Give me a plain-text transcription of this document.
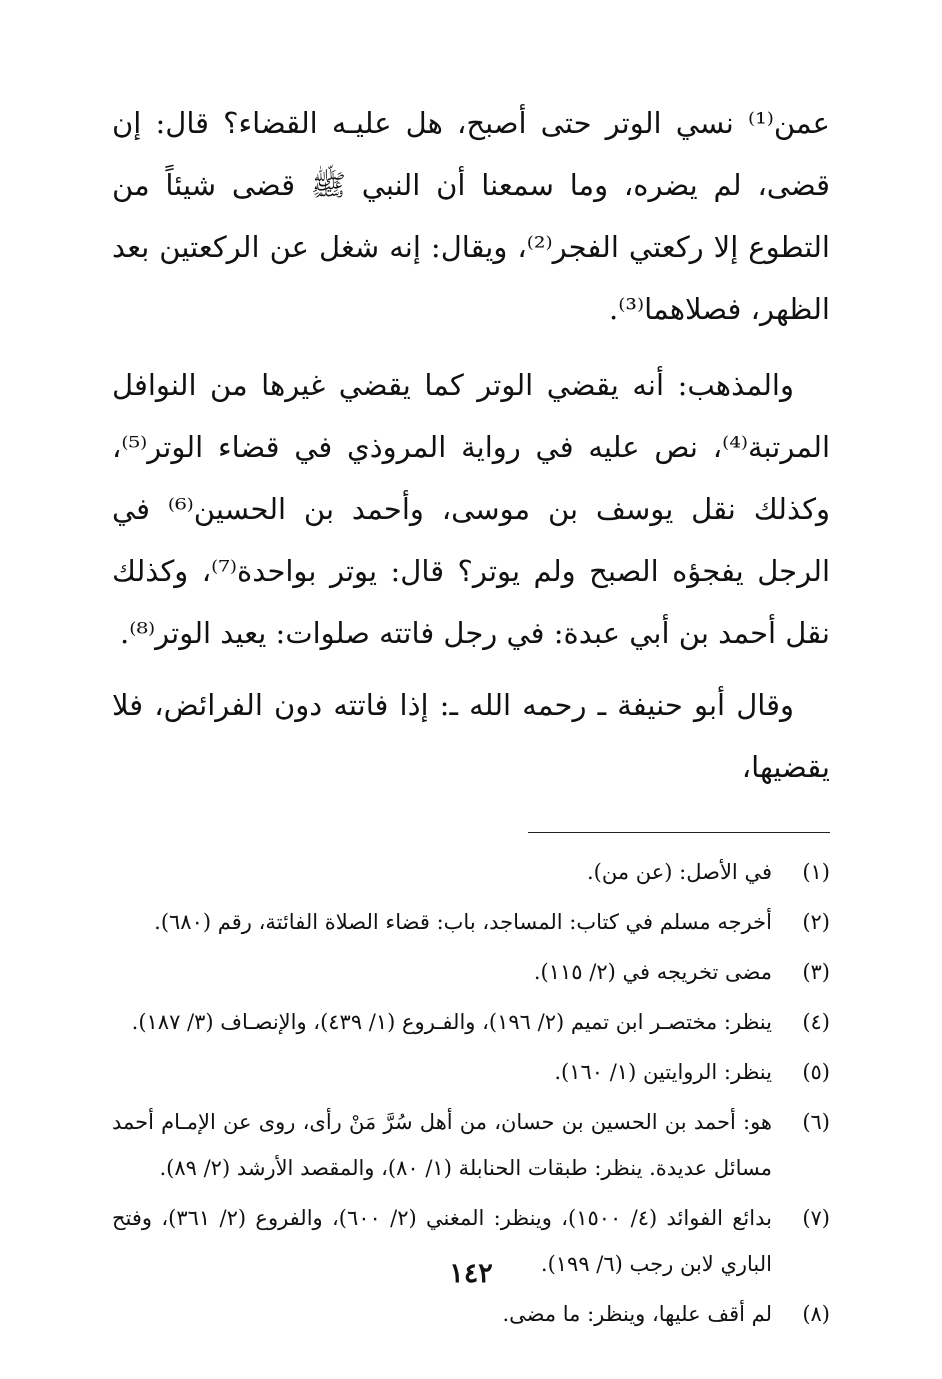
عمن⁽¹⁾ نسي الوتر حتى أصبح، هل عليـه القضاء؟ قال: إن قضى، لم يضره، وما سمعنا أن النبي ﷺ قضى شيئاً من التطوع إلا ركعتي الفجر⁽²⁾، ويقال: إنه شغل عن الركعتين بعد الظهر، فصلاهما⁽³⁾.

والمذهب: أنه يقضي الوتر كما يقضي غيرها من النوافل المرتبة⁽⁴⁾، نص عليه في رواية المروذي في قضاء الوتر⁽⁵⁾، وكذلك نقل يوسف بن موسى، وأحمد بن الحسين⁽⁶⁾ في الرجل يفجؤه الصبح ولم يوتر؟ قال: يوتر بواحدة⁽⁷⁾، وكذلك نقل أحمد بن أبي عبدة: في رجل فاتته صلوات: يعيد الوتر⁽⁸⁾.

وقال أبو حنيفة ـ رحمه الله ـ: إذا فاتته دون الفرائض، فلا يقضيها،

(١)
في الأصل: (عن من).
(٢)
أخرجه مسلم في كتاب: المساجد، باب: قضاء الصلاة الفائتة، رقم (٦٨٠).
(٣)
مضى تخريجه في (٢/ ١١٥).
(٤)
ينظر: مختصـر ابن تميم (٢/ ١٩٦)، والفـروع (١/ ٤٣٩)، والإنصـاف (٣/ ١٨٧).
(٥)
ينظر: الروايتين (١/ ١٦٠).
(٦)
هو: أحمد بن الحسين بن حسان، من أهل سُرَّ مَنْ رأى، روى عن الإمـام أحمد مسائل عديدة. ينظر: طبقات الحنابلة (١/ ٨٠)، والمقصد الأرشد (٢/ ٨٩).
(٧)
بدائع الفوائد (٤/ ١٥٠٠)، وينظر: المغني (٢/ ٦٠٠)، والفروع (٢/ ٣٦١)، وفتح الباري لابن رجب (٦/ ١٩٩).
(٨)
لم أقف عليها، وينظر: ما مضى.
١٤٢
